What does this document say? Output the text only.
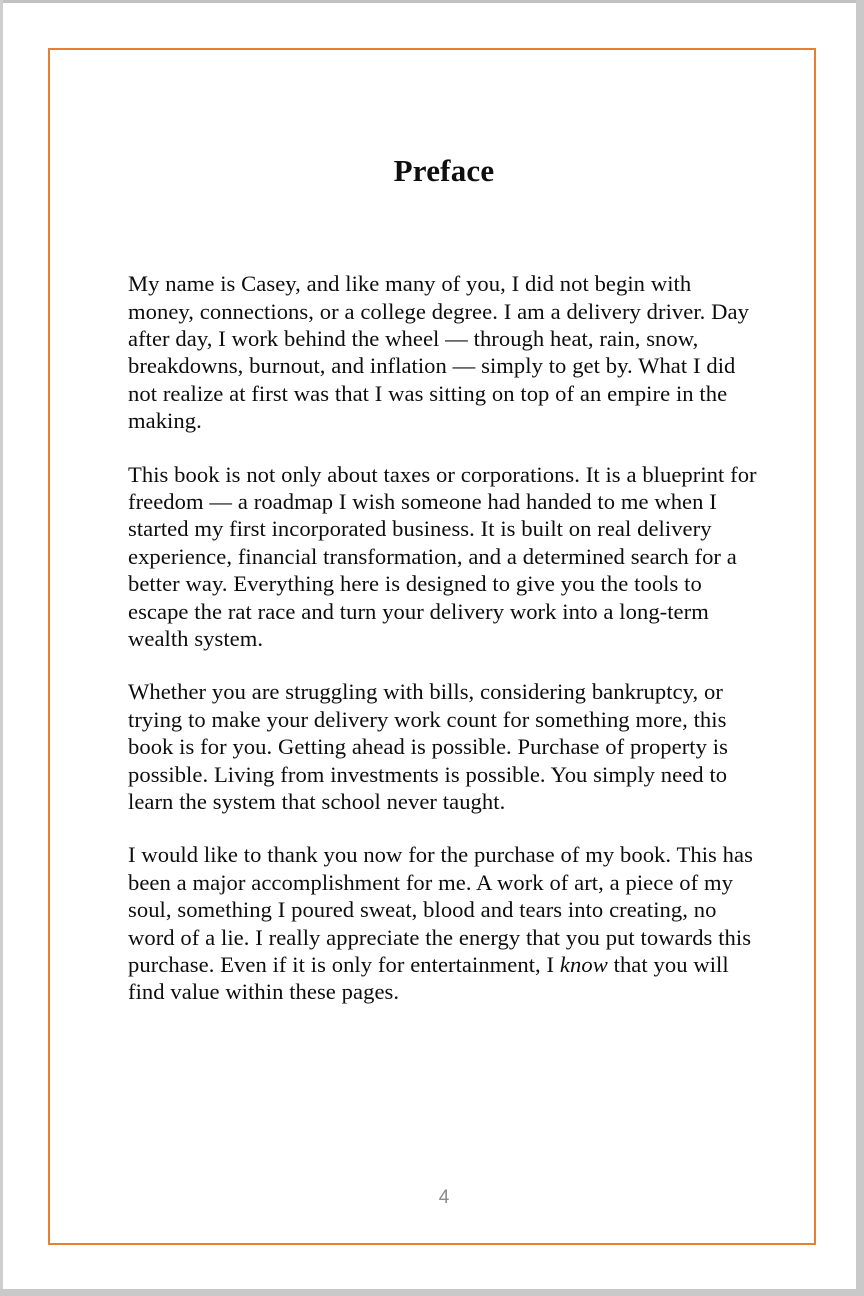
Preface

My name is Casey, and like many of you, I did not begin with money, connections, or a college degree. I am a delivery driver. Day after day, I work behind the wheel — through heat, rain, snow, breakdowns, burnout, and inflation — simply to get by. What I did not realize at first was that I was sitting on top of an empire in the making.

This book is not only about taxes or corporations. It is a blueprint for freedom — a roadmap I wish someone had handed to me when I started my first incorporated business. It is built on real delivery experience, financial transformation, and a determined search for a better way. Everything here is designed to give you the tools to escape the rat race and turn your delivery work into a long-term wealth system.

Whether you are struggling with bills, considering bankruptcy, or trying to make your delivery work count for something more, this book is for you. Getting ahead is possible. Purchase of property is possible. Living from investments is possible. You simply need to learn the system that school never taught.

I would like to thank you now for the purchase of my book. This has been a major accomplishment for me. A work of art, a piece of my soul, something I poured sweat, blood and tears into creating, no word of a lie. I really appreciate the energy that you put towards this purchase. Even if it is only for entertainment, I know that you will find value within these pages.

4
